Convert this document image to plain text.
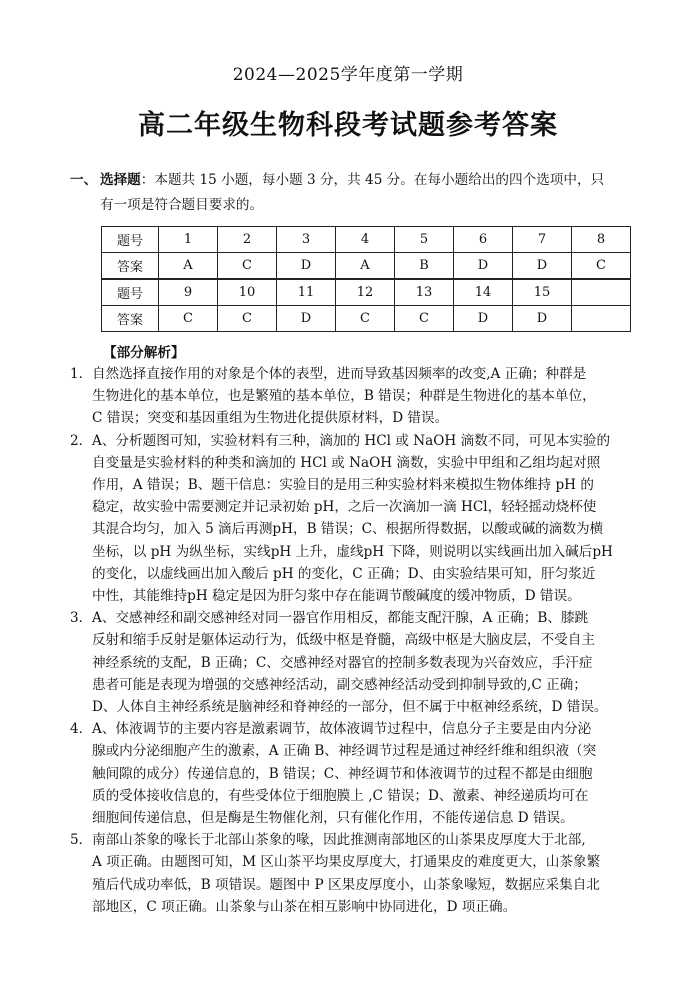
2024—2025学年度第一学期
高二年级生物科段考试题参考答案
一、 选择题：本题共 15 小题，每小题 3 分，共 45 分。在每小题给出的四个选项中，只
有一项是符合题目要求的。
题号	1	2	3	4	5	6	7	8
答案	A	C	D	A	B	D	D	C
题号	9	10	11	12	13	14	15	
答案	C	C	D	C	C	D	D	
【部分解析】
1． 自然选择直接作用的对象是个体的表型，进而导致基因频率的改变,A 正确；种群是
生物进化的基本单位，也是繁殖的基本单位，B 错误；种群是生物进化的基本单位，
C 错误；突变和基因重组为生物进化提供原材料，D 错误。
2． A、分析题图可知，实验材料有三种，滴加的 HCl 或 NaOH 滴数不同，可见本实验的
自变量是实验材料的种类和滴加的 HCl 或 NaOH 滴数，实验中甲组和乙组均起对照
作用，A 错误；B、题干信息：实验目的是用三种实验材料来模拟生物体维持 pH 的
稳定，故实验中需要测定并记录初始 pH，之后一次滴加一滴 HCl，轻轻摇动烧杯使
其混合均匀，加入 5 滴后再测pH，B 错误；C、根据所得数据，以酸或碱的滴数为横
坐标，以 pH 为纵坐标，实线pH 上升，虚线pH 下降，则说明以实线画出加入碱后pH
的变化，以虚线画出加入酸后 pH 的变化，C 正确；D、由实验结果可知，肝匀浆近
中性，其能维持pH 稳定是因为肝匀浆中存在能调节酸碱度的缓冲物质，D 错误。
3． A、交感神经和副交感神经对同一器官作用相反，都能支配汗腺，A 正确；B、膝跳
反射和缩手反射是躯体运动行为，低级中枢是脊髓，高级中枢是大脑皮层，不受自主
神经系统的支配，B 正确；C、交感神经对器官的控制多数表现为兴奋效应，手汗症
患者可能是表现为增强的交感神经活动，副交感神经活动受到抑制导致的,C 正确；
D、人体自主神经系统是脑神经和脊神经的一部分，但不属于中枢神经系统，D 错误。
4． A、体液调节的主要内容是激素调节，故体液调节过程中，信息分子主要是由内分泌
腺或内分泌细胞产生的激素，A 正确 B、神经调节过程是通过神经纤维和组织液（突
触间隙的成分）传递信息的，B 错误；C、神经调节和体液调节的过程不都是由细胞
质的受体接收信息的，有些受体位于细胞膜上 ,C 错误；D、激素、神经递质均可在
细胞间传递信息，但是酶是生物催化剂，只有催化作用，不能传递信息 D 错误。
5． 南部山茶象的喙长于北部山茶象的喙，因此推测南部地区的山茶果皮厚度大于北部,
A 项正确。由题图可知，M 区山茶平均果皮厚度大，打通果皮的难度更大，山茶象繁
殖后代成功率低，B 项错误。题图中 P 区果皮厚度小，山茶象喙短，数据应采集自北
部地区，C 项正确。山茶象与山茶在相互影响中协同进化，D 项正确。
